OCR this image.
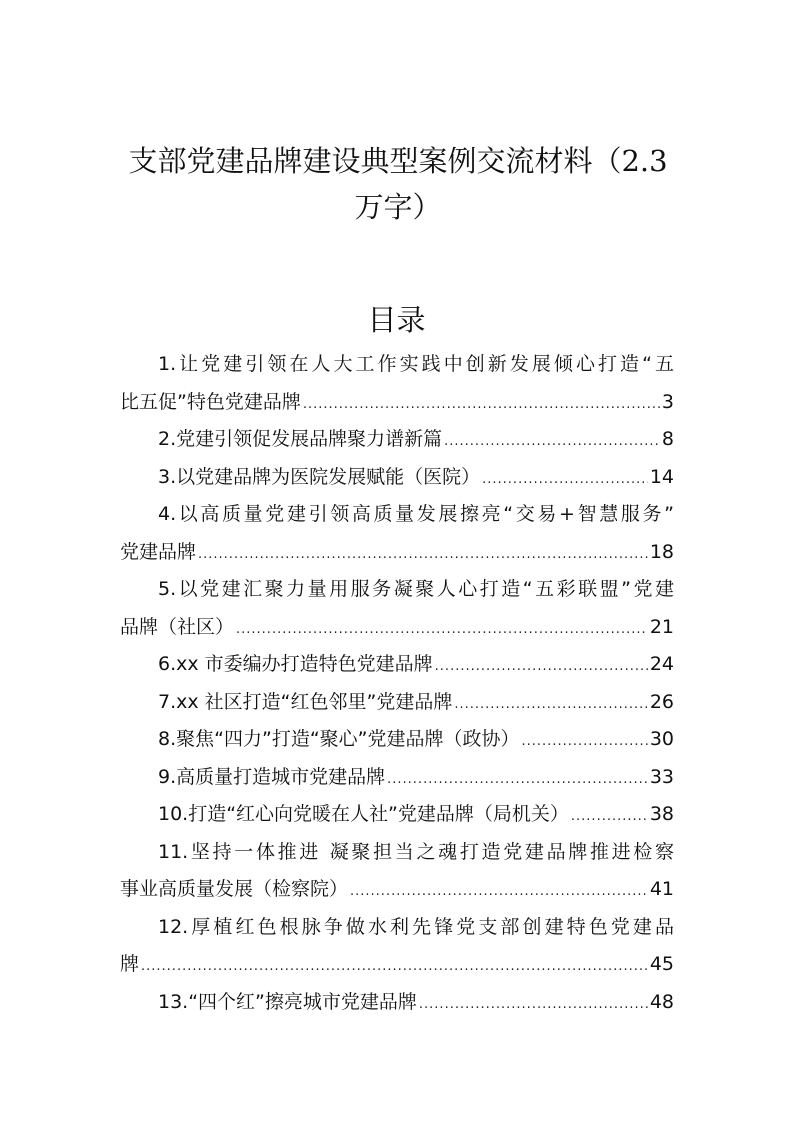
支部党建品牌建设典型案例交流材料（2.3
万字）
目录
1.让党建引领在人大工作实践中创新发展倾心打造“五
比五促”特色党建品牌 .....	3
2.党建引领促发展品牌聚力谱新篇 .....	8
3.以党建品牌为医院发展赋能（医院） .....	14
4.以高质量党建引领高质量发展擦亮“交易+智慧服务”
党建品牌 .....	18
5.以党建汇聚力量用服务凝聚人心打造“五彩联盟”党建
品牌（社区） .....	21
6.xx 市委编办打造特色党建品牌 .....	24
7.xx 社区打造“红色邻里”党建品牌 .....	26
8.聚焦“四力”打造“聚心”党建品牌（政协） .....	30
9.高质量打造城市党建品牌 .....	33
10.打造“红心向党暖在人社”党建品牌（局机关） .....	38
11.坚持一体推进 凝聚担当之魂打造党建品牌推进检察
事业高质量发展（检察院） .....	41
12.厚植红色根脉争做水利先锋党支部创建特色党建品
牌 .....	45
13.“四个红”擦亮城市党建品牌 .....	48
